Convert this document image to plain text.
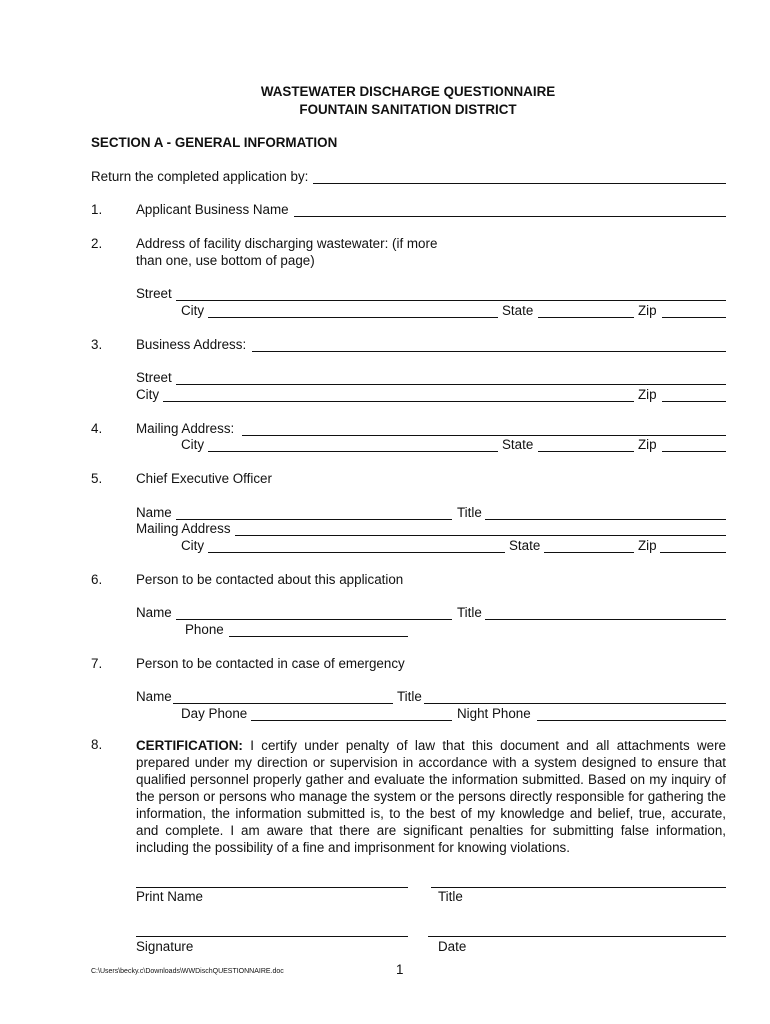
WASTEWATER DISCHARGE QUESTIONNAIRE
FOUNTAIN SANITATION DISTRICT
SECTION A - GENERAL INFORMATION
Return the completed application by:
1.	Applicant Business Name
2.	Address of facility discharging wastewater: (if more
than one, use bottom of page)
Street
City	State	Zip
3.	Business Address:
Street
City	Zip
4.	Mailing Address:
City	State	Zip
5.	Chief Executive Officer
Name	Title
Mailing Address
City	State	Zip
6.	Person to be contacted about this application
Name	Title
Phone
7.	Person to be contacted in case of emergency
Name	Title
Day Phone	Night Phone
8.	CERTIFICATION: I certify under penalty of law that this document and all attachments were prepared under my direction or supervision in accordance with a system designed to ensure that qualified personnel properly gather and evaluate the information submitted. Based on my inquiry of the person or persons who manage the system or the persons directly responsible for gathering the information, the information submitted is, to the best of my knowledge and belief, true, accurate, and complete. I am aware that there are significant penalties for submitting false information, including the possibility of a fine and imprisonment for knowing violations.
Print Name	Title
Signature	Date
C:\Users\becky.c\Downloads\WWDischQUESTIONNAIRE.doc	1
